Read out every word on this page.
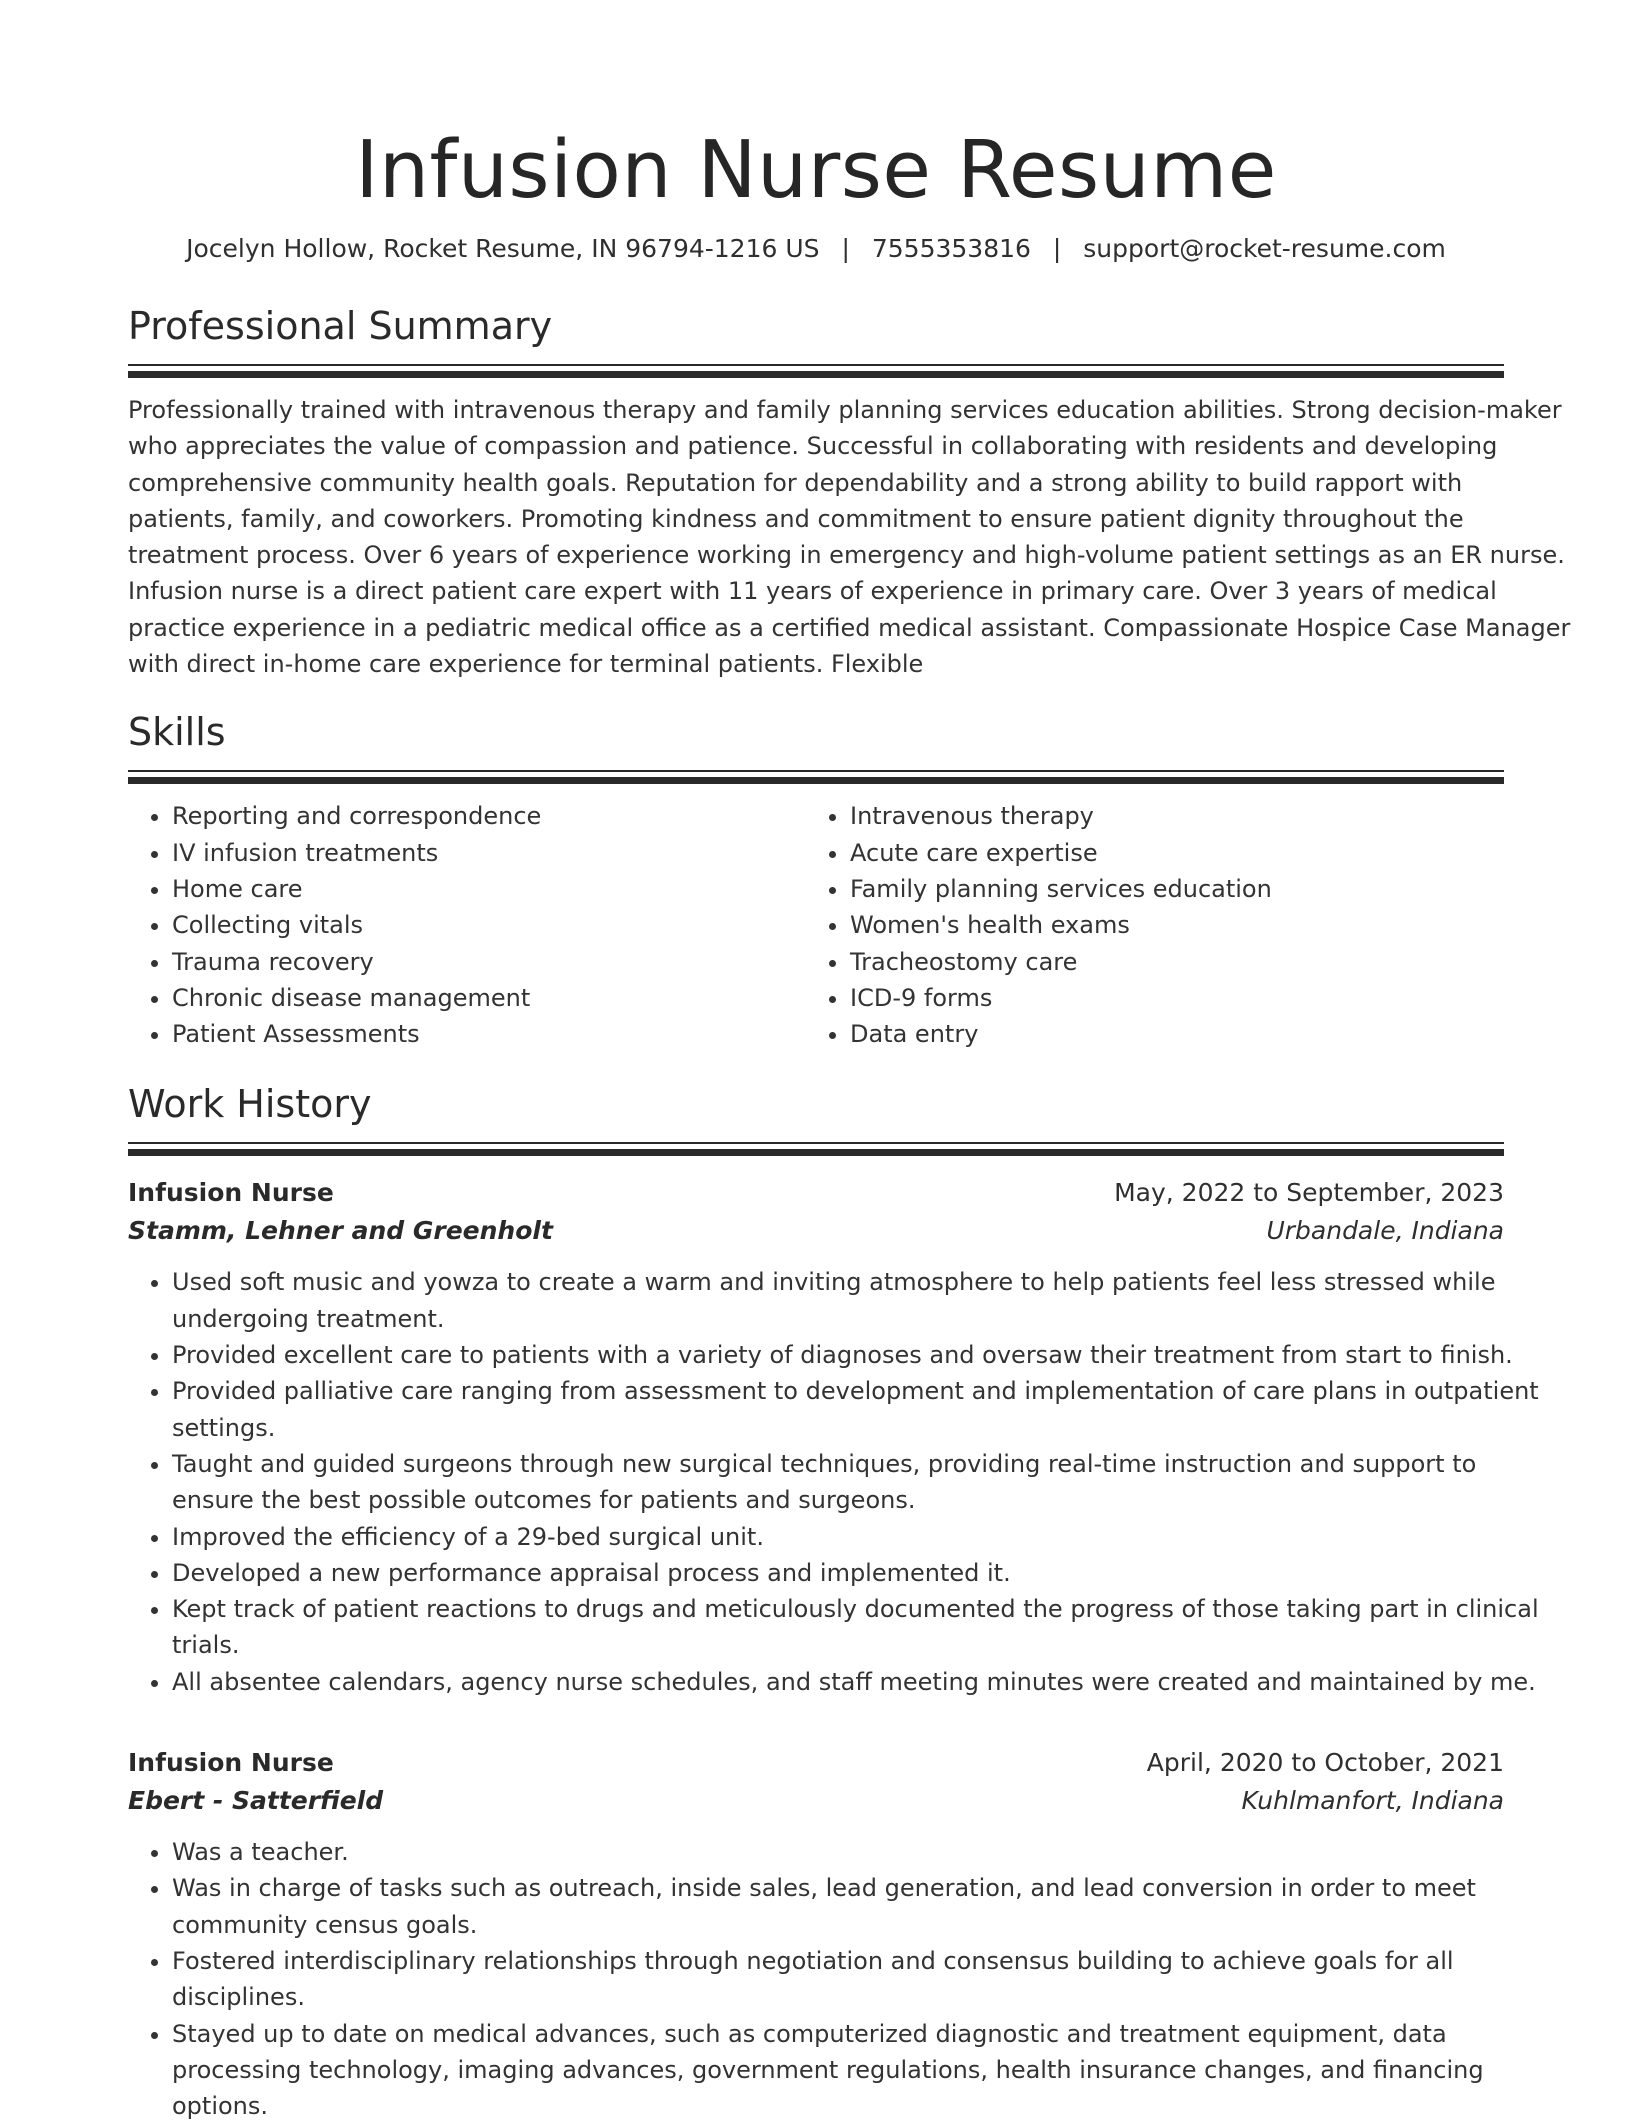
Infusion Nurse Resume
Jocelyn Hollow, Rocket Resume, IN 96794-1216 US | 7555353816 | support@rocket-resume.com
Professional Summary

Professionally trained with intravenous therapy and family planning services education abilities. Strong decision-maker
who appreciates the value of compassion and patience. Successful in collaborating with residents and developing
comprehensive community health goals. Reputation for dependability and a strong ability to build rapport with
patients, family, and coworkers. Promoting kindness and commitment to ensure patient dignity throughout the
treatment process. Over 6 years of experience working in emergency and high-volume patient settings as an ER nurse.
Infusion nurse is a direct patient care expert with 11 years of experience in primary care. Over 3 years of medical
practice experience in a pediatric medical office as a certified medical assistant. Compassionate Hospice Case Manager
with direct in-home care experience for terminal patients. Flexible

Skills
• Reporting and correspondence
• IV infusion treatments
• Home care
• Collecting vitals
• Trauma recovery
• Chronic disease management
• Patient Assessments
• Intravenous therapy
• Acute care expertise
• Family planning services education
• Women's health exams
• Tracheostomy care
• ICD-9 forms
• Data entry
Work History
Infusion Nurse	May, 2022 to September, 2023
Stamm, Lehner and Greenholt	Urbandale, Indiana
• Used soft music and yowza to create a warm and inviting atmosphere to help patients feel less stressed while
undergoing treatment.
• Provided excellent care to patients with a variety of diagnoses and oversaw their treatment from start to finish.
• Provided palliative care ranging from assessment to development and implementation of care plans in outpatient
settings.
• Taught and guided surgeons through new surgical techniques, providing real-time instruction and support to
ensure the best possible outcomes for patients and surgeons.
• Improved the efficiency of a 29-bed surgical unit.
• Developed a new performance appraisal process and implemented it.
• Kept track of patient reactions to drugs and meticulously documented the progress of those taking part in clinical
trials.
• All absentee calendars, agency nurse schedules, and staff meeting minutes were created and maintained by me.
Infusion Nurse	April, 2020 to October, 2021
Ebert - Satterfield	Kuhlmanfort, Indiana
• Was a teacher.
• Was in charge of tasks such as outreach, inside sales, lead generation, and lead conversion in order to meet
community census goals.
• Fostered interdisciplinary relationships through negotiation and consensus building to achieve goals for all
disciplines.
• Stayed up to date on medical advances, such as computerized diagnostic and treatment equipment, data
processing technology, imaging advances, government regulations, health insurance changes, and financing
options.
